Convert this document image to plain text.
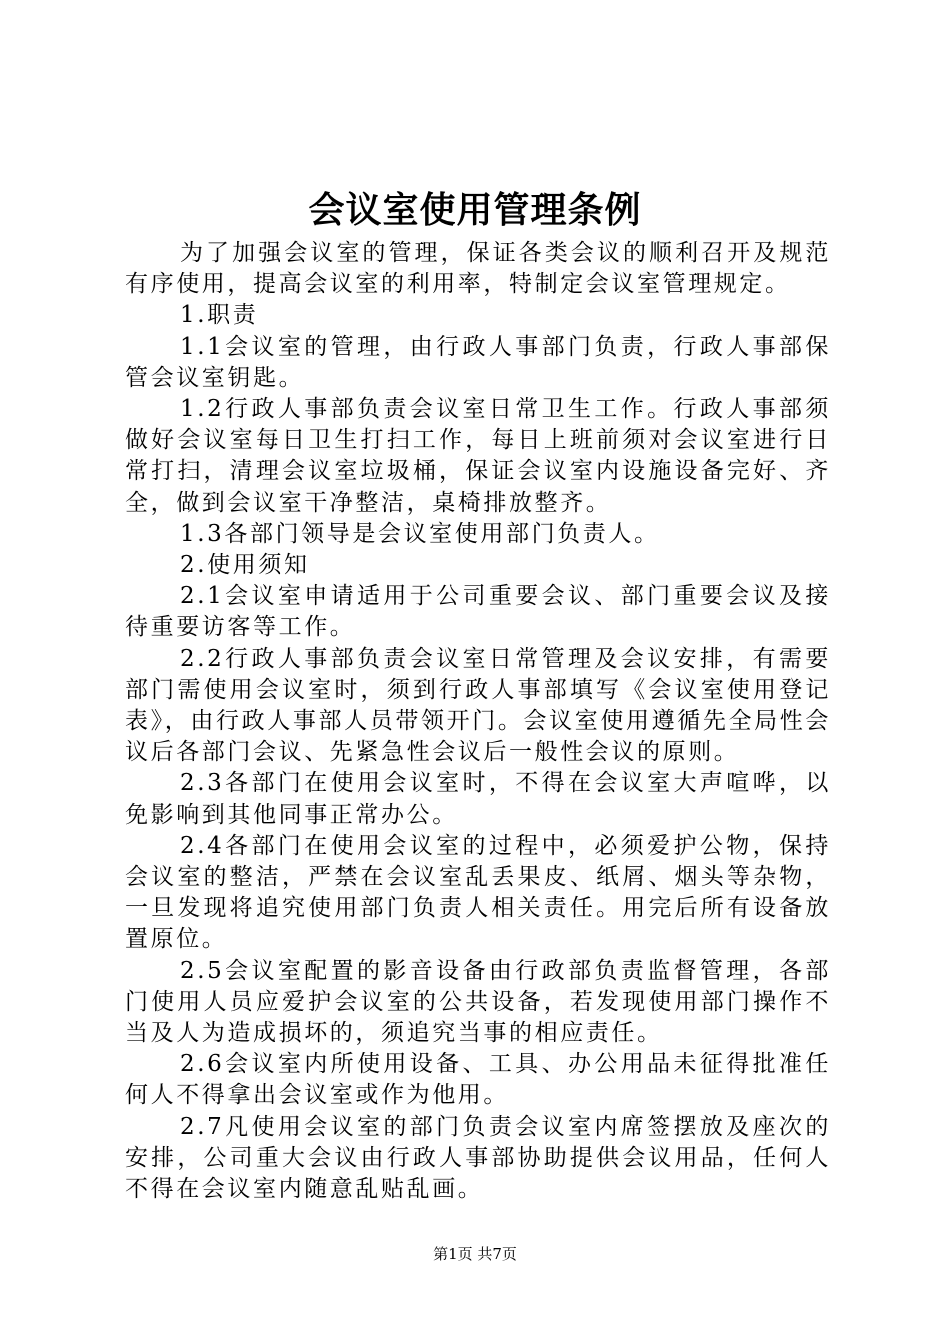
会议室使用管理条例

为了加强会议室的管理，保证各类会议的顺利召开及规范有序使用，提高会议室的利用率，特制定会议室管理规定。

1.职责

1.1会议室的管理，由行政人事部门负责，行政人事部保管会议室钥匙。

1.2行政人事部负责会议室日常卫生工作。行政人事部须做好会议室每日卫生打扫工作，每日上班前须对会议室进行日常打扫，清理会议室垃圾桶，保证会议室内设施设备完好、齐全，做到会议室干净整洁，桌椅排放整齐。

1.3各部门领导是会议室使用部门负责人。

2.使用须知

2.1会议室申请适用于公司重要会议、部门重要会议及接待重要访客等工作。

2.2行政人事部负责会议室日常管理及会议安排，有需要部门需使用会议室时，须到行政人事部填写《会议室使用登记表》，由行政人事部人员带领开门。会议室使用遵循先全局性会议后各部门会议、先紧急性会议后一般性会议的原则。

2.3各部门在使用会议室时，不得在会议室大声喧哗，以免影响到其他同事正常办公。

2.4各部门在使用会议室的过程中，必须爱护公物，保持会议室的整洁，严禁在会议室乱丢果皮、纸屑、烟头等杂物，一旦发现将追究使用部门负责人相关责任。用完后所有设备放置原位。

2.5会议室配置的影音设备由行政部负责监督管理，各部门使用人员应爱护会议室的公共设备，若发现使用部门操作不当及人为造成损坏的，须追究当事的相应责任。

2.6会议室内所使用设备、工具、办公用品未征得批准任何人不得拿出会议室或作为他用。

2.7凡使用会议室的部门负责会议室内席签摆放及座次的安排，公司重大会议由行政人事部协助提供会议用品，任何人不得在会议室内随意乱贴乱画。

第1页 共7页
